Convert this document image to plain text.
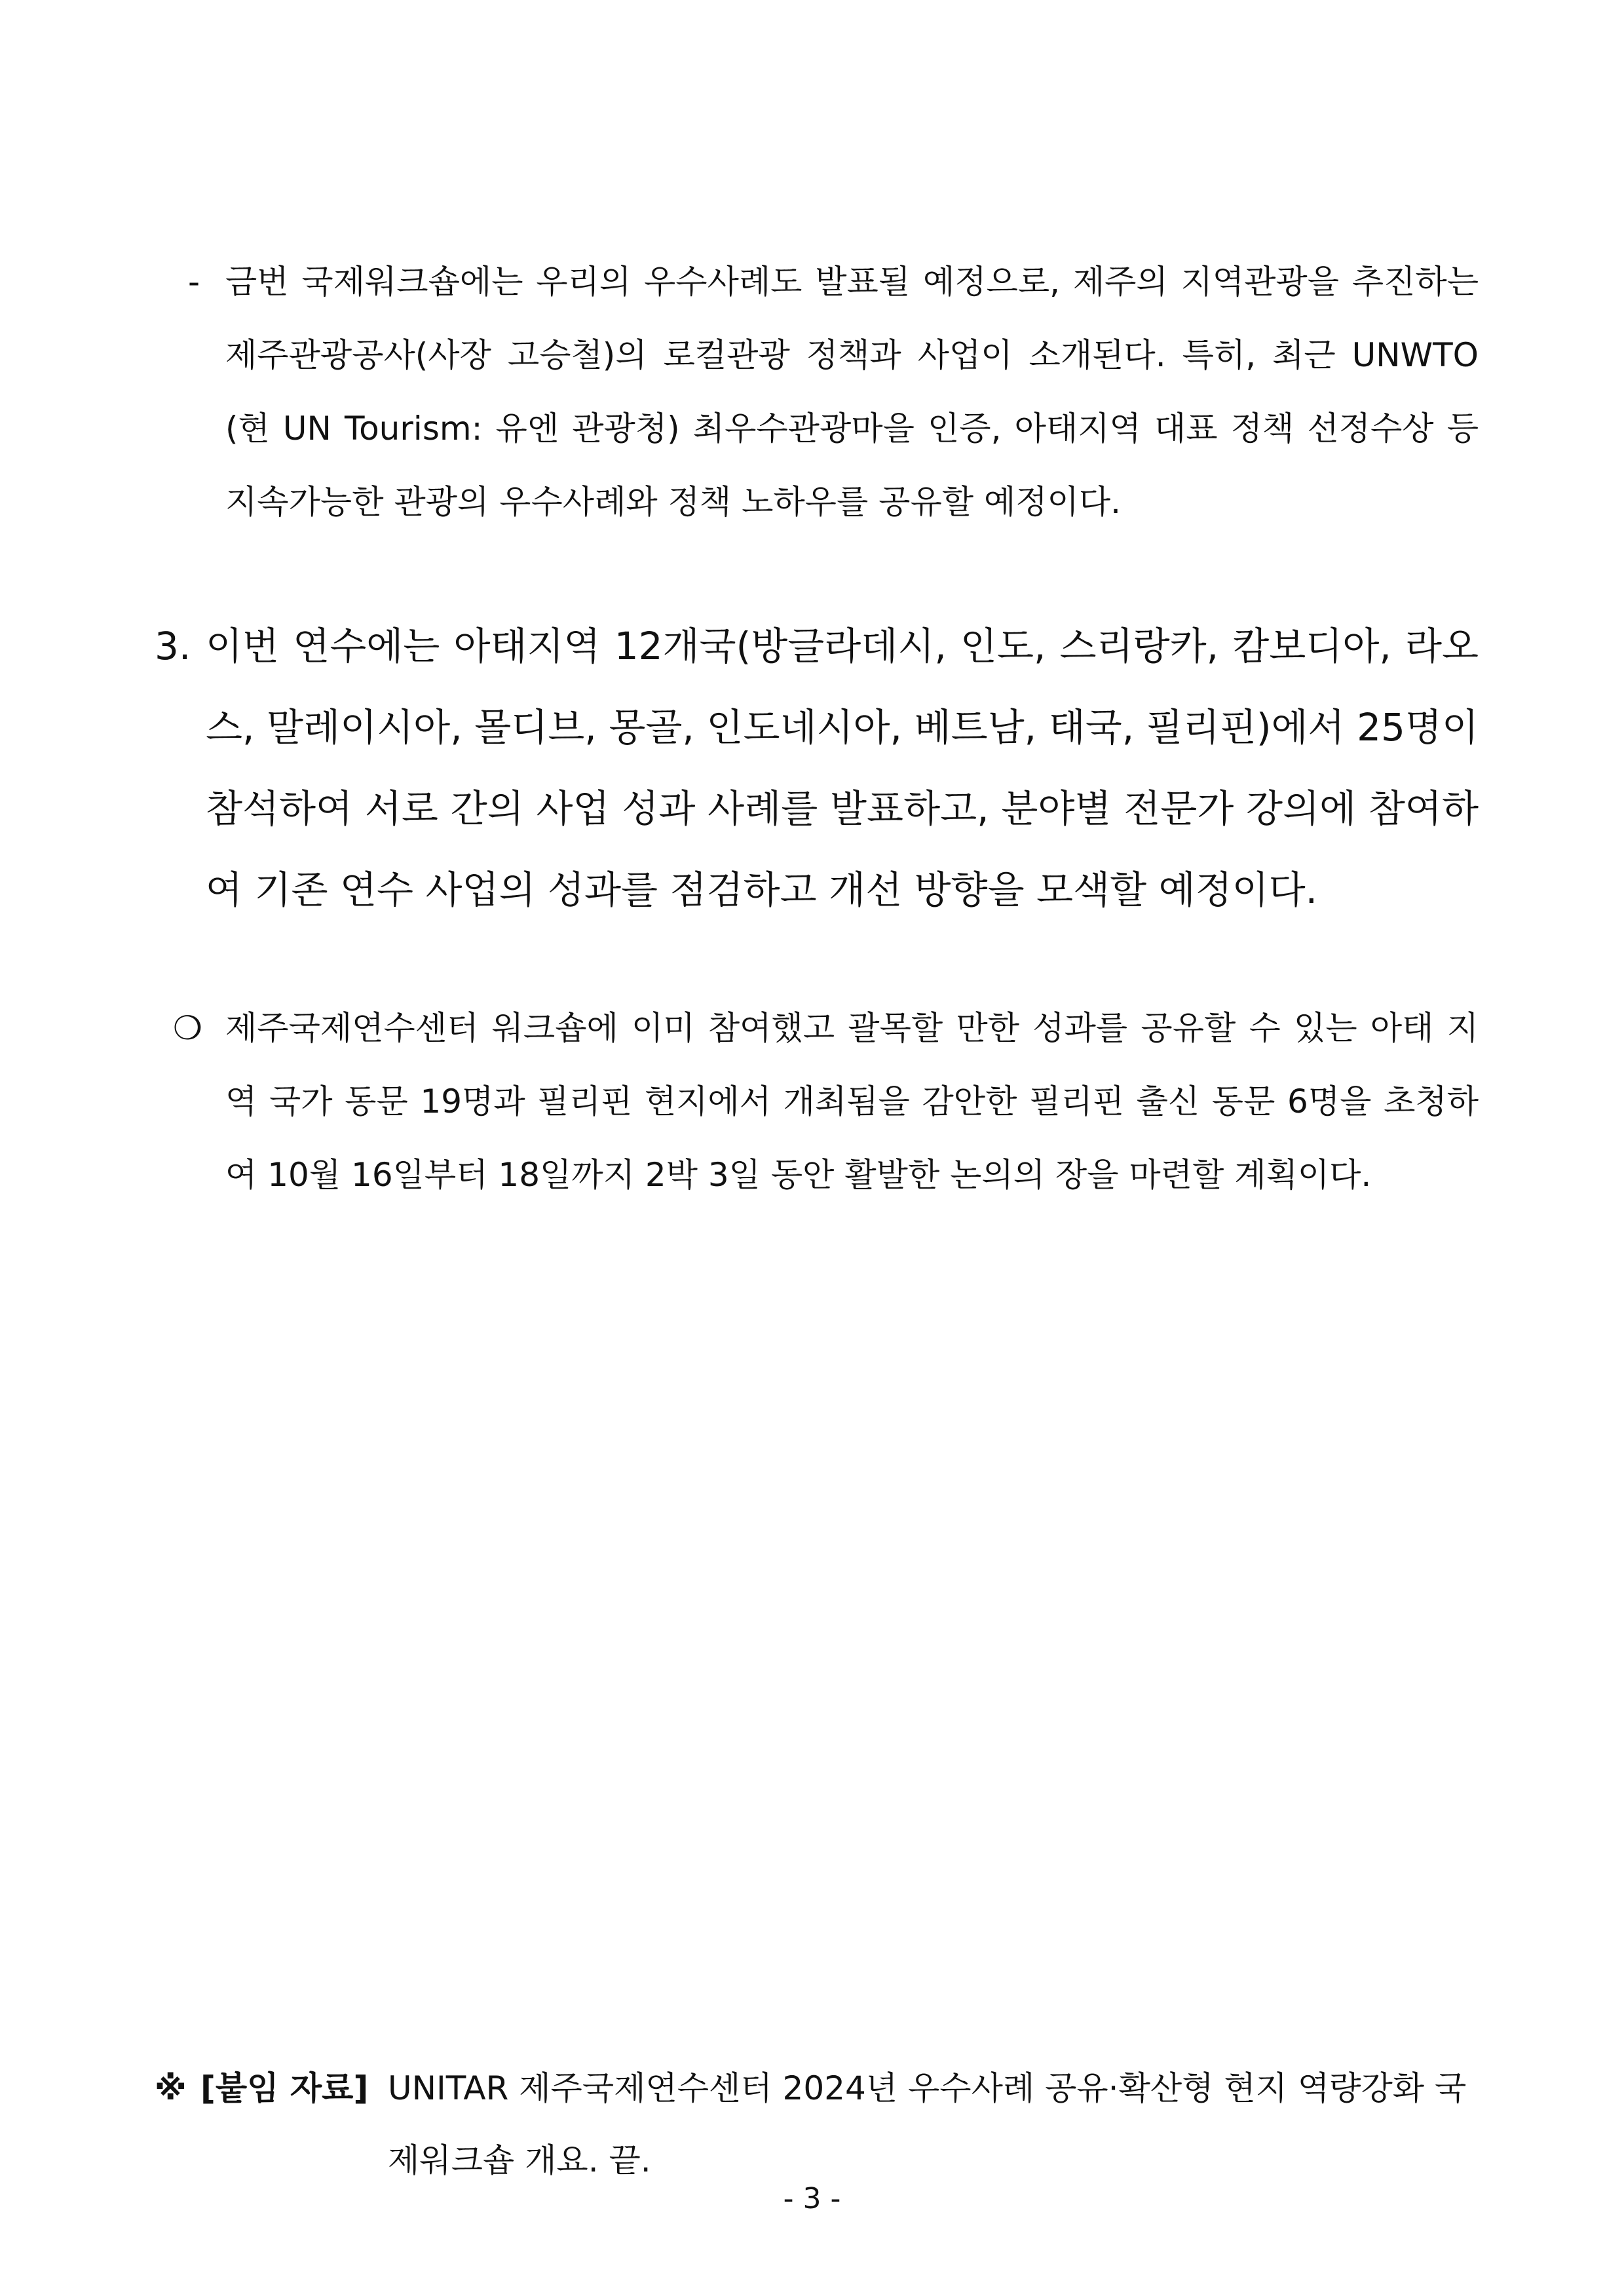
- 금번 국제워크숍에는 우리의 우수사례도 발표될 예정으로, 제주의 지역관광을 추진하는 제주관광공사(사장 고승철)의 로컬관광 정책과 사업이 소개된다. 특히, 최근 UNWTO (현 UN Tourism: 유엔 관광청) 최우수관광마을 인증, 아태지역 대표 정책 선정수상 등 지속가능한 관광의 우수사례와 정책 노하우를 공유할 예정이다.
3. 이번 연수에는 아태지역 12개국(방글라데시, 인도, 스리랑카, 캄보디아, 라오스, 말레이시아, 몰디브, 몽골, 인도네시아, 베트남, 태국, 필리핀)에서 25명이 참석하여 서로 간의 사업 성과 사례를 발표하고, 분야별 전문가 강의에 참여하여 기존 연수 사업의 성과를 점검하고 개선 방향을 모색할 예정이다.
❍ 제주국제연수센터 워크숍에 이미 참여했고 괄목할 만한 성과를 공유할 수 있는 아태 지역 국가 동문 19명과 필리핀 현지에서 개최됨을 감안한 필리핀 출신 동문 6명을 초청하여 10월 16일부터 18일까지 2박 3일 동안 활발한 논의의 장을 마련할 계획이다.
※ [붙임 자료] UNITAR 제주국제연수센터 2024년 우수사례 공유·확산형 현지 역량강화 국제워크숍 개요. 끝.
- 3 -
